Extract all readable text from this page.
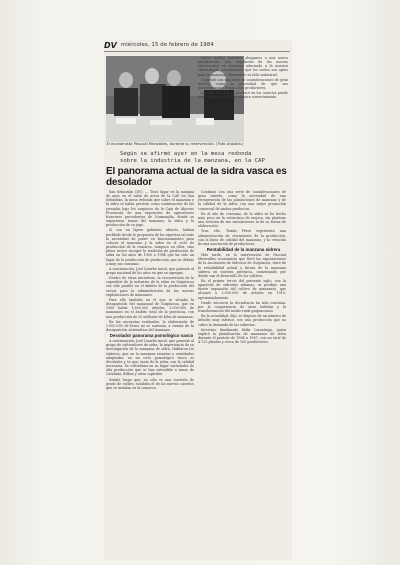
DV miércoles, 15 de febrero de 1984
El economista Pascual Miravalles, durante su intervención. (Foto Argiaba.)

nuevo cultivo, nosotros abogamos a una nueva planificación, una regulación de las nuevas plantaciones en manzana adecuado a la nuestra climatología, considerando que los suelos son aptos para la manzana, eliminando su fallo industrial.

Comentó con una serie de consideraciones de gran interés, como la necesidad de que sus procedimientos llegan a los productores.

La sidra que hoy se produce en los caseríos puede tener mejor salida si se elabora correctamente.

Según se afirmó ayer en la mesa redonda sobre la industria de la manzana, en la CAP
El panorama actual de la sidra vasca es desolador

San Sebastián (DV). — Tuvo lugar en la mañana de ayer, en el salón de actos de la CAP en San Sebastián, la mesa redonda que sobre el manzano y la sidra se había previsto como continuación de las jornadas bajo los auspicios de la Caja de Ahorros Provincial, de una exposición de agricultores franceses procedentes de Normandía, donde se expusieron temas del manzano, la sidra y la producción de su jugo.

Si con un ligero gabinete, abierto, habían perfilado desde la propuesta de los expertos tal ante la necesidad de poner en funcionamiento para colocar el manzano y la sidra en el ciclo de producción de la comarca, tampoco en ellos, sino pleno sector recoger la tradición de producción de sidra en los años de 1950 a 1984 que ha sido un lugar de la producción de producción que se debate a muy sus comunas.

A continuación, José Lizarbe inició, que ponente al grupo nacional de los años en que se agregan.

Dentro de estas iniciativas, la reconversión de la superficie de la industria de la sidra en Guipúzcoa sea sólo posible en el ámbito de la producción del sector para la administración de las nuevas explotaciones de manzanos.

Para ello también en el que se situaba la desaparición del manzanal de Guipúzcoa, que en 1960 había 1.800.000 árboles, 2.000.000 de manzanos en el ámbito total de la provincia, con una producción de 20 millones de kilos de manzana.

En las encuestas realizadas, la elaboración de 2.000.000 de litros no se sostenía, a cuenta de la desaparición sistemática del manzano.

Desolador panorama pomológico vasco

A continuación, José Lizarbe inició, que ponente al grupo de cultivadores de sidra, la importancia de su investigación de la manzana de sidra. Hablaron los sidreros, que en la manzana reinetas y variedades adaptadas, en un ciclo pomológico vasco es desolador y, la que, tanto de la sidra, con la calidad necesaria. Se cultivaban en su lugar variedades de alta producción que se han extendido a zonas de Cataluña, Bilbao y otras capitales.

Señaló luego que, no sólo es una cuestión de grado de cultivo, también el de los nuevos caseríos que se instalan en la comarca.

Continuó con una serie de consideraciones de gran interés, como la necesidad de una recuperación de las plantaciones de manzano y de la calidad de la sidra, con una mejor promoción comercial de ambos productos.

En el año de consumo, de la sidra se ha hecho muy poco en la estructura de mejora, sin plantear una revisión de sus instalaciones ni de su forma de elaboración.

Tras ello, Tomás Pérez representa una administración de crecimiento de la producción, con la línea de calidad del manzano, y la creación de una asociación de productores.

Rentabilidad de la manzana sidrera

Más tarde, en la intervención de Pascual Miravalles, economista que llevó las exportaciones de la Asociación de Sidreros de Guipúzcoa, trató de la rentabilidad actual y futura de la manzana sidrera en nuestra provincia, comentando por dónde van el desarrollo de los cultivos.

En el primer tercio del presente siglo, con la aparición de sidrerías urbanas, se produjo una fuerte expansión del cultivo de manzanos, que alcanzó a 2.000.000 de árboles en 1910, aproximadamente.

Desde entonces la decadencia ha sido continua, por la competencia de otras bebidas y la transformación del medio rural guipuzcoano.

En la actualidad, dijo, se dispone de un número de árboles muy inferior, con una producción que no cubre la demanda de las sidrerías.

Intervino finalmente Iñaki Larrañaga, quien explicó la planificación de manzanos de sidra durante el período de 1984 a 1987, con un total de 4.725 plantas y cerca de 100 productores.
